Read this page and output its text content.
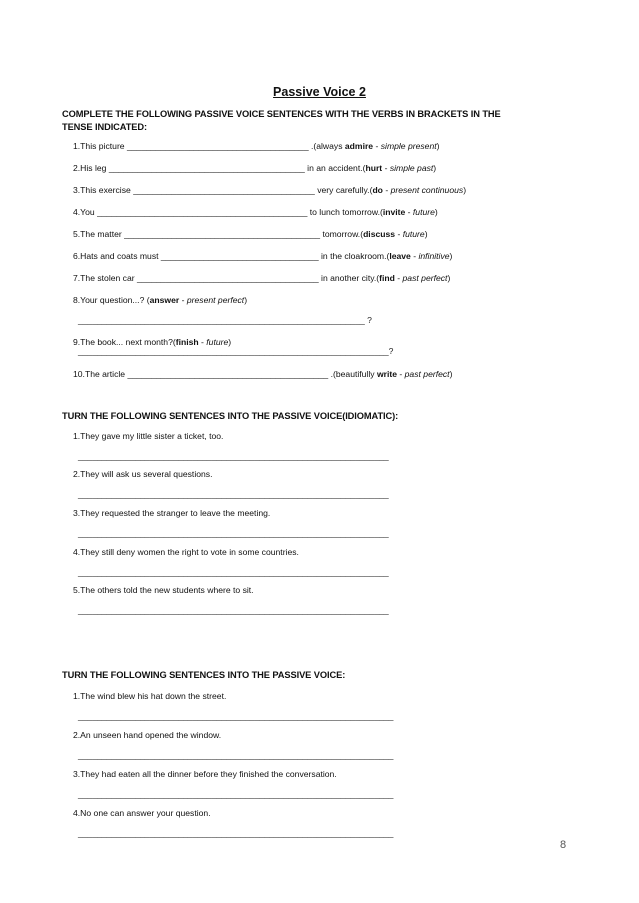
Passive Voice 2
COMPLETE THE FOLLOWING PASSIVE VOICE SENTENCES WITH THE VERBS IN BRACKETS IN THE TENSE INDICATED:
1.This picture ______________________________________ .(always admire - simple present)
2.His leg _________________________________________ in an accident.(hurt - simple past)
3.This exercise ______________________________________ very carefully.(do - present continuous)
4.You ____________________________________________ to lunch tomorrow.(invite - future)
5.The matter _________________________________________ tomorrow.(discuss - future)
6.Hats and coats must _________________________________ in the cloakroom.(leave - infinitive)
7.The stolen car ______________________________________ in another city.(find - past perfect)
8.Your question...? (answer - present perfect)
____________________________________________________________ ?
9.The book... next month?(finish - future)
_________________________________________________________________?
10.The article __________________________________________ .(beautifully write - past perfect)
TURN THE FOLLOWING SENTENCES INTO THE PASSIVE VOICE(IDIOMATIC):
1.They gave my little sister a ticket, too.
_________________________________________________________________
2.They will ask us several questions.
_________________________________________________________________
3.They requested the stranger to leave the meeting.
_________________________________________________________________
4.They still deny women the right to vote in some countries.
_________________________________________________________________
5.The others told the new students where to sit.
_________________________________________________________________
TURN THE FOLLOWING SENTENCES INTO THE PASSIVE VOICE:
1.The wind blew his hat down the street.
__________________________________________________________________
2.An unseen hand opened the window.
__________________________________________________________________
3.They had eaten all the dinner before they finished the conversation.
__________________________________________________________________
4.No one can answer your question.
__________________________________________________________________
8
